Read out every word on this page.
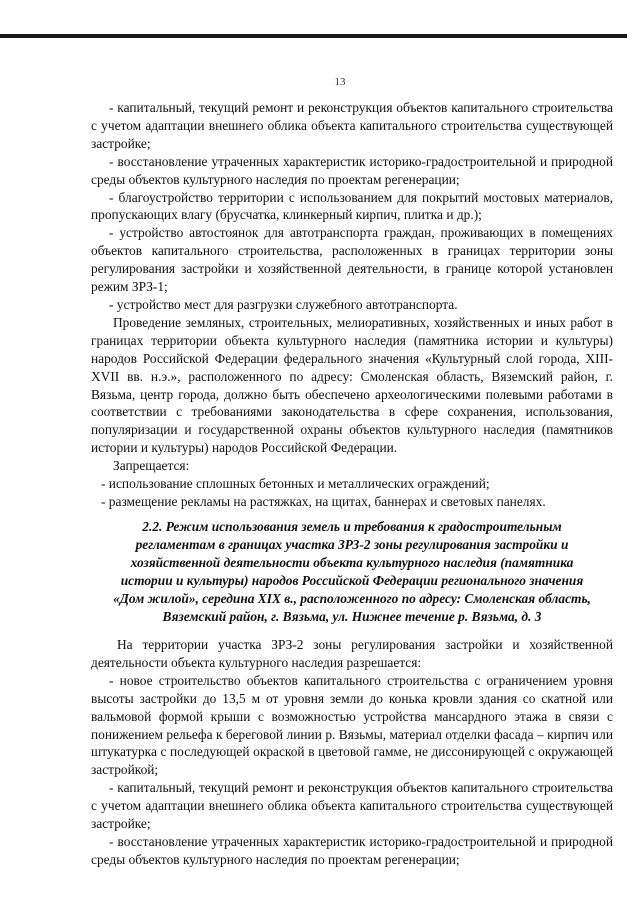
13

- капитальный, текущий ремонт и реконструкция объектов капитального строительства с учетом адаптации внешнего облика объекта капитального строительства существующей застройке;

- восстановление утраченных характеристик историко-градостроительной и природной среды объектов культурного наследия по проектам регенерации;

- благоустройство территории с использованием для покрытий мостовых материалов, пропускающих влагу (брусчатка, клинкерный кирпич, плитка и др.);

- устройство автостоянок для автотранспорта граждан, проживающих в помещениях объектов капитального строительства, расположенных в границах территории зоны регулирования застройки и хозяйственной деятельности, в границе которой установлен режим ЗРЗ-1;

- устройство мест для разгрузки служебного автотранспорта.

Проведение земляных, строительных, мелиоративных, хозяйственных и иных работ в границах территории объекта культурного наследия (памятника истории и культуры) народов Российской Федерации федерального значения «Культурный слой города, XIII-XVII вв. н.э.», расположенного по адресу: Смоленская область, Вяземский район, г. Вязьма, центр города, должно быть обеспечено археологическими полевыми работами в соответствии с требованиями законодательства в сфере сохранения, использования, популяризации и государственной охраны объектов культурного наследия (памятников истории и культуры) народов Российской Федерации.

Запрещается:

- использование сплошных бетонных и металлических ограждений;

- размещение рекламы на растяжках, на щитах, баннерах и световых панелях.

2.2. Режим использования земель и требования к градостроительным
регламентам в границах участка ЗРЗ-2 зоны регулирования застройки и
хозяйственной деятельности объекта культурного наследия (памятника
истории и культуры) народов Российской Федерации регионального значения
«Дом жилой», середина XIX в., расположенного по адресу: Смоленская область,
Вяземский район, г. Вязьма, ул. Нижнее течение р. Вязьма, д. 3

На территории участка ЗРЗ-2 зоны регулирования застройки и хозяйственной деятельности объекта культурного наследия разрешается:

- новое строительство объектов капитального строительства с ограничением уровня высоты застройки до 13,5 м от уровня земли до конька кровли здания со скатной или вальмовой формой крыши с возможностью устройства мансардного этажа в связи с понижением рельефа к береговой линии р. Вязьмы, материал отделки фасада – кирпич или штукатурка с последующей окраской в цветовой гамме, не диссонирующей с окружающей застройкой;

- капитальный, текущий ремонт и реконструкция объектов капитального строительства с учетом адаптации внешнего облика объекта капитального строительства существующей застройке;

- восстановление утраченных характеристик историко-градостроительной и природной среды объектов культурного наследия по проектам регенерации;
